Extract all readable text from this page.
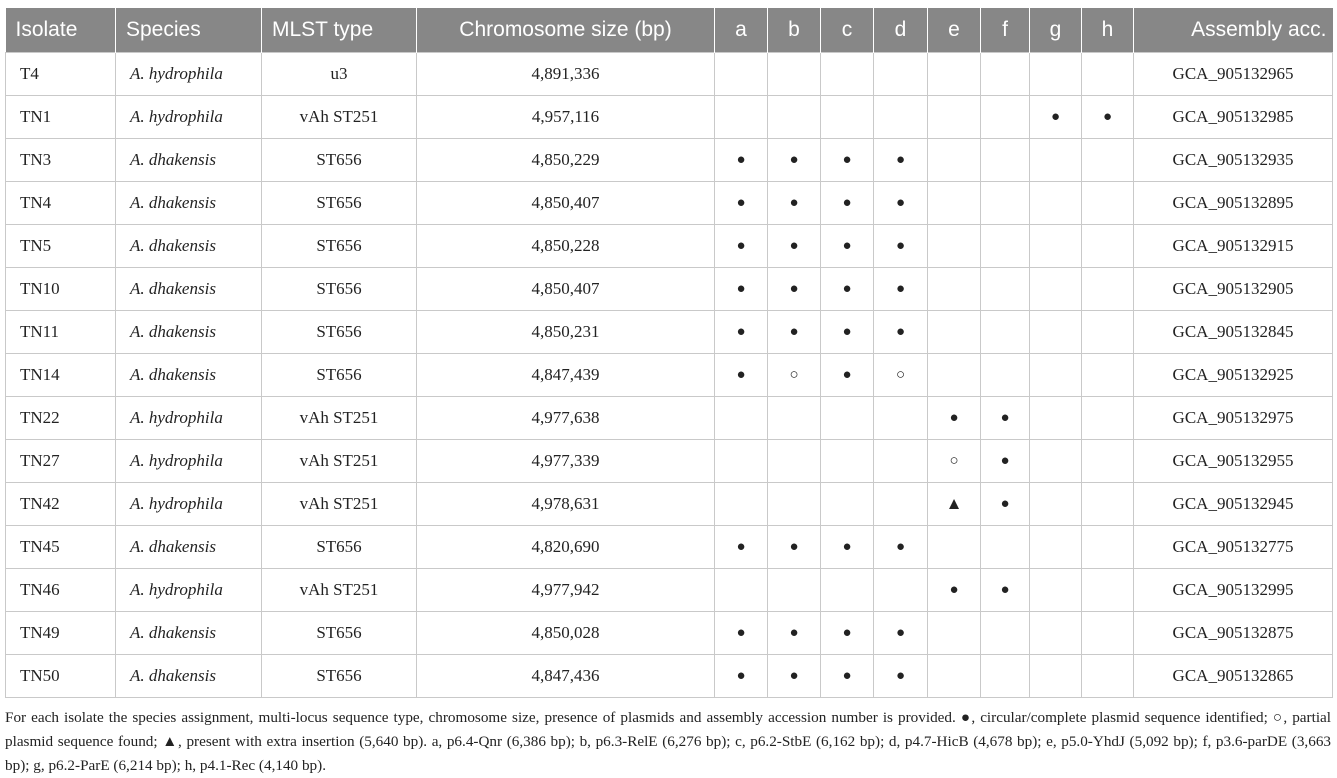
Isolate	Species	MLST type	Chromosome size (bp)	a	b	c	d	e	f	g	h	Assembly acc.
T4	A. hydrophila	u3	4,891,336									GCA_905132965
TN1	A. hydrophila	vAh ST251	4,957,116							●	●	GCA_905132985
TN3	A. dhakensis	ST656	4,850,229	●	●	●	●					GCA_905132935
TN4	A. dhakensis	ST656	4,850,407	●	●	●	●					GCA_905132895
TN5	A. dhakensis	ST656	4,850,228	●	●	●	●					GCA_905132915
TN10	A. dhakensis	ST656	4,850,407	●	●	●	●					GCA_905132905
TN11	A. dhakensis	ST656	4,850,231	●	●	●	●					GCA_905132845
TN14	A. dhakensis	ST656	4,847,439	●	○	●	○					GCA_905132925
TN22	A. hydrophila	vAh ST251	4,977,638					●	●			GCA_905132975
TN27	A. hydrophila	vAh ST251	4,977,339					○	●			GCA_905132955
TN42	A. hydrophila	vAh ST251	4,978,631					▲	●			GCA_905132945
TN45	A. dhakensis	ST656	4,820,690	●	●	●	●					GCA_905132775
TN46	A. hydrophila	vAh ST251	4,977,942					●	●			GCA_905132995
TN49	A. dhakensis	ST656	4,850,028	●	●	●	●					GCA_905132875
TN50	A. dhakensis	ST656	4,847,436	●	●	●	●					GCA_905132865
For each isolate the species assignment, multi-locus sequence type, chromosome size, presence of plasmids and assembly accession number is provided. ●, circular/complete plasmid sequence identified; ○, partial plasmid sequence found; ▲, present with extra insertion (5,640 bp). a, p6.4-Qnr (6,386 bp); b, p6.3-RelE (6,276 bp); c, p6.2-StbE (6,162 bp); d, p4.7-HicB (4,678 bp); e, p5.0-YhdJ (5,092 bp); f, p3.6-parDE (3,663 bp); g, p6.2-ParE (6,214 bp); h, p4.1-Rec (4,140 bp).
